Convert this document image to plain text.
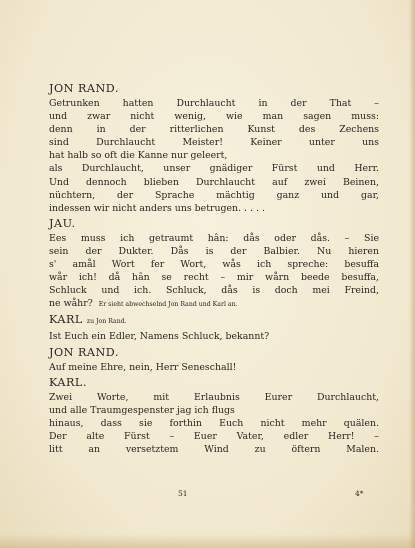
JON RAND.
Getrunken hatten Durchlaucht in der That –
und zwar nicht wenig, wie man sagen muss:
denn in der ritterlichen Kunst des Zechens
sind Durchlaucht Meister! Keiner unter uns
hat halb so oft die Kanne nur geleert,
als Durchlaucht, unser gnädiger Fürst und Herr.
Und dennoch blieben Durchlaucht auf zwei Beinen,
nüchtern, der Sprache mächtig ganz und gar,
indessen wir nicht anders uns betrugen. . . . .
JAU.
Ees muss ich getraumt hân: dås oder dås. – Sie
sein der Dukter. Dås is der Balbier. Nu hieren
s' amål Wort fer Wort, wås ich spreche: besuffa
wår ich! då hân se recht – mir wårn beede besuffa,
Schluck und ich. Schluck, dås is doch mei Freind,
ne wåhr? Er sieht abwechselnd Jon Rand und Karl an.
KARL zu Jon Rand.
Ist Euch ein Edler, Namens Schluck, bekannt?
JON RAND.
Auf meine Ehre, nein, Herr Seneschall!
KARL.
Zwei Worte, mit Erlaubnis Eurer Durchlaucht,
und alle Traumgespenster jag ich flugs
hinaus, dass sie forthin Euch nicht mehr quälen.
Der alte Fürst – Euer Vater, edler Herr! –
litt an versetztem Wind zu öftern Malen.
51	4*
